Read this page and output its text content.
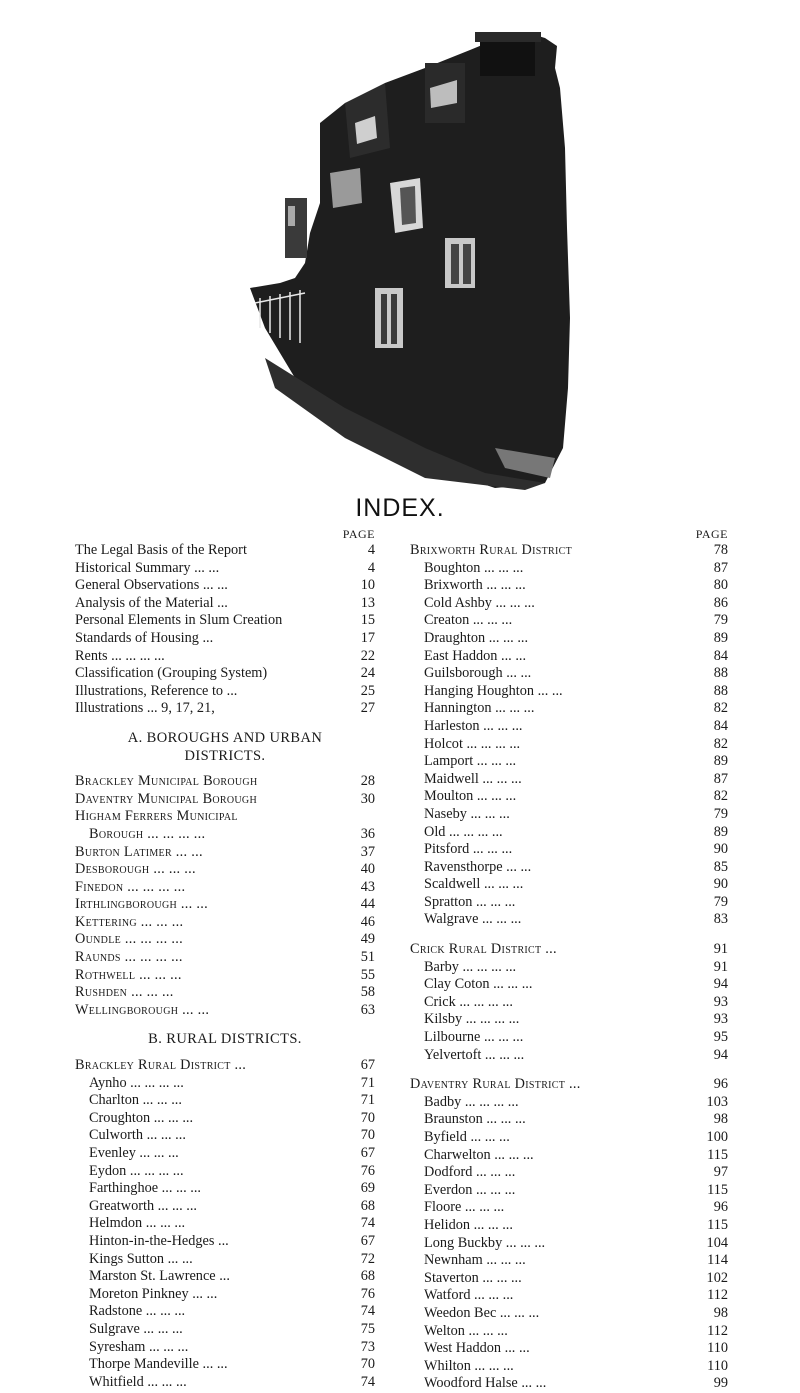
INDEX.
PAGE
The Legal Basis of the Report	4
Historical Summary ... ...	4
General Observations ... ...	10
Analysis of the Material ...	13
Personal Elements in Slum Creation	15
Standards of Housing ...	17
Rents ... ... ... ...	22
Classification (Grouping System)	24
Illustrations, Reference to ...	25
Illustrations ... 9, 17, 21,	27
A. BOROUGHS AND URBAN
DISTRICTS.
Brackley Municipal Borough	28
Daventry Municipal Borough	30
Higham Ferrers Municipal
Borough ... ... ... ...	36
Burton Latimer ... ...	37
Desborough ... ... ...	40
Finedon ... ... ... ...	43
Irthlingborough ... ...	44
Kettering ... ... ...	46
Oundle ... ... ... ...	49
Raunds ... ... ... ...	51
Rothwell ... ... ...	55
Rushden ... ... ...	58
Wellingborough ... ...	63
B. RURAL DISTRICTS.
Brackley Rural District ...	67
Aynho ... ... ... ...	71
Charlton ... ... ...	71
Croughton ... ... ...	70
Culworth ... ... ...	70
Evenley ... ... ...	67
Eydon ... ... ... ...	76
Farthinghoe ... ... ...	69
Greatworth ... ... ...	68
Helmdon ... ... ...	74
Hinton-in-the-Hedges ...	67
Kings Sutton ... ...	72
Marston St. Lawrence ...	68
Moreton Pinkney ... ...	76
Radstone ... ... ...	74
Sulgrave ... ... ...	75
Syresham ... ... ...	73
Thorpe Mandeville ... ...	70
Whitfield ... ... ...	74
PAGE
Brixworth Rural District	78
Boughton ... ... ...	87
Brixworth ... ... ...	80
Cold Ashby ... ... ...	86
Creaton ... ... ...	79
Draughton ... ... ...	89
East Haddon ... ...	84
Guilsborough ... ...	88
Hanging Houghton ... ...	88
Hannington ... ... ...	82
Harleston ... ... ...	84
Holcot ... ... ... ...	82
Lamport ... ... ...	89
Maidwell ... ... ...	87
Moulton ... ... ...	82
Naseby ... ... ...	79
Old ... ... ... ...	89
Pitsford ... ... ...	90
Ravensthorpe ... ...	85
Scaldwell ... ... ...	90
Spratton ... ... ...	79
Walgrave ... ... ...	83
Crick Rural District ...	91
Barby ... ... ... ...	91
Clay Coton ... ... ...	94
Crick ... ... ... ...	93
Kilsby ... ... ... ...	93
Lilbourne ... ... ...	95
Yelvertoft ... ... ...	94
Daventry Rural District ...	96
Badby ... ... ... ...	103
Braunston ... ... ...	98
Byfield ... ... ...	100
Charwelton ... ... ...	115
Dodford ... ... ...	97
Everdon ... ... ...	115
Floore ... ... ...	96
Helidon ... ... ...	115
Long Buckby ... ... ...	104
Newnham ... ... ...	114
Staverton ... ... ...	102
Watford ... ... ...	112
Weedon Bec ... ... ...	98
Welton ... ... ...	112
West Haddon ... ...	110
Whilton ... ... ...	110
Woodford Halse ... ...	99
